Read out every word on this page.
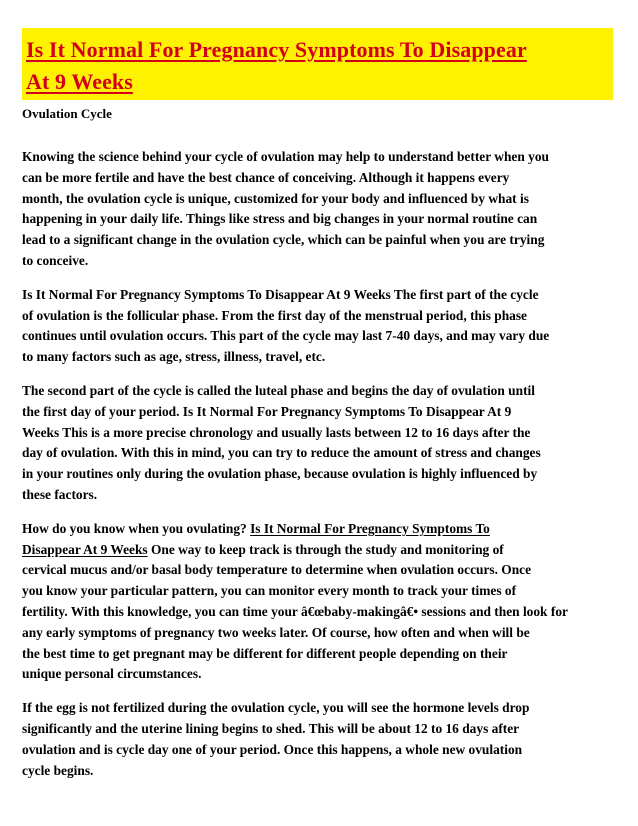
Is It Normal For Pregnancy Symptoms To Disappear
At 9 Weeks
Ovulation Cycle
Knowing the science behind your cycle of ovulation may help to understand better when you
can be more fertile and have the best chance of conceiving. Although it happens every
month, the ovulation cycle is unique, customized for your body and influenced by what is
happening in your daily life. Things like stress and big changes in your normal routine can
lead to a significant change in the ovulation cycle, which can be painful when you are trying
to conceive.
Is It Normal For Pregnancy Symptoms To Disappear At 9 Weeks The first part of the cycle
of ovulation is the follicular phase. From the first day of the menstrual period, this phase
continues until ovulation occurs. This part of the cycle may last 7-40 days, and may vary due
to many factors such as age, stress, illness, travel, etc.
The second part of the cycle is called the luteal phase and begins the day of ovulation until
the first day of your period. Is It Normal For Pregnancy Symptoms To Disappear At 9
Weeks This is a more precise chronology and usually lasts between 12 to 16 days after the
day of ovulation. With this in mind, you can try to reduce the amount of stress and changes
in your routines only during the ovulation phase, because ovulation is highly influenced by
these factors.
How do you know when you ovulating? Is It Normal For Pregnancy Symptoms To
Disappear At 9 Weeks One way to keep track is through the study and monitoring of
cervical mucus and/or basal body temperature to determine when ovulation occurs. Once
you know your particular pattern, you can monitor every month to track your times of
fertility. With this knowledge, you can time your â€œbaby-makingâ€• sessions and then look for
any early symptoms of pregnancy two weeks later. Of course, how often and when will be
the best time to get pregnant may be different for different people depending on their
unique personal circumstances.
If the egg is not fertilized during the ovulation cycle, you will see the hormone levels drop
significantly and the uterine lining begins to shed. This will be about 12 to 16 days after
ovulation and is cycle day one of your period. Once this happens, a whole new ovulation
cycle begins.
